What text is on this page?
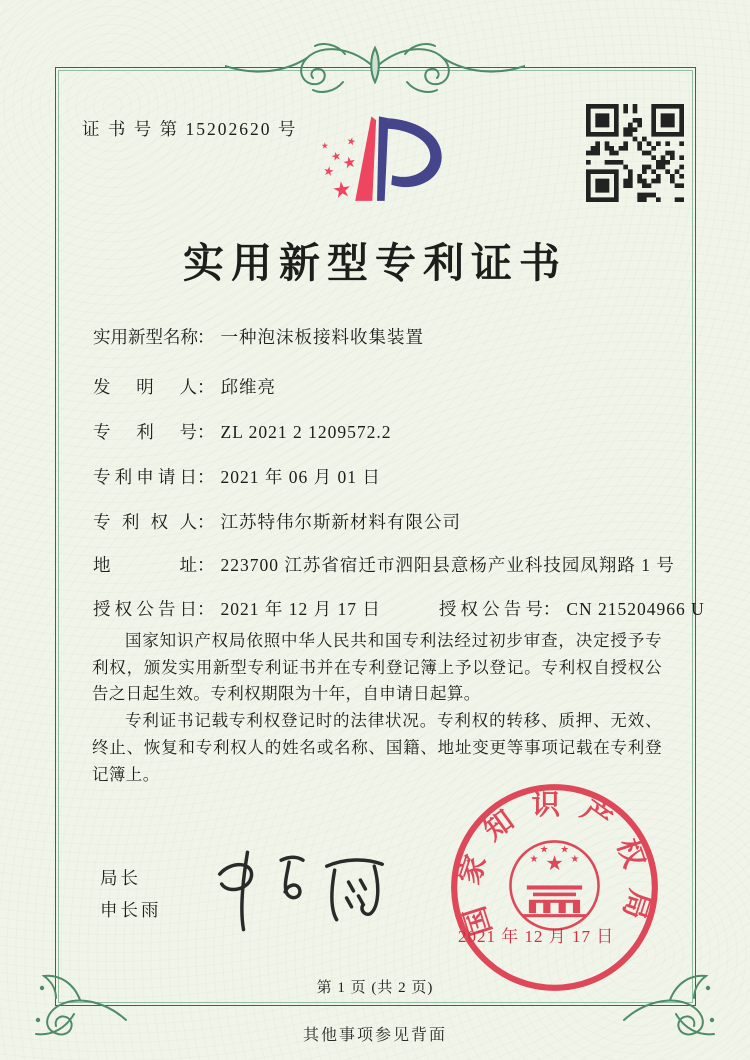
证 书 号 第 15202620 号
★
★
★
★
★
★
实用新型专利证书
实用新型名称： 一种泡沫板接料收集装置
发明人： 邱维亮
专利号： ZL 2021 2 1209572.2
专利申请日： 2021 年 06 月 01 日
专利权人： 江苏特伟尔斯新材料有限公司
地址： 223700 江苏省宿迁市泗阳县意杨产业科技园凤翔路 1 号
授权公告日： 2021 年 12 月 17 日	授权公告号： CN 215204966 U

国家知识产权局依照中华人民共和国专利法经过初步审查，决定授予专利权，颁发实用新型专利证书并在专利登记簿上予以登记。专利权自授权公告之日起生效。专利权期限为十年，自申请日起算。

专利证书记载专利权登记时的法律状况。专利权的转移、质押、无效、终止、恢复和专利权人的姓名或名称、国籍、地址变更等事项记载在专利登记簿上。

局长
申长雨	国家知识产权局
★
★
★ ★
★
2021 年 12 月 17 日
第 1 页 (共 2 页)
其他事项参见背面
